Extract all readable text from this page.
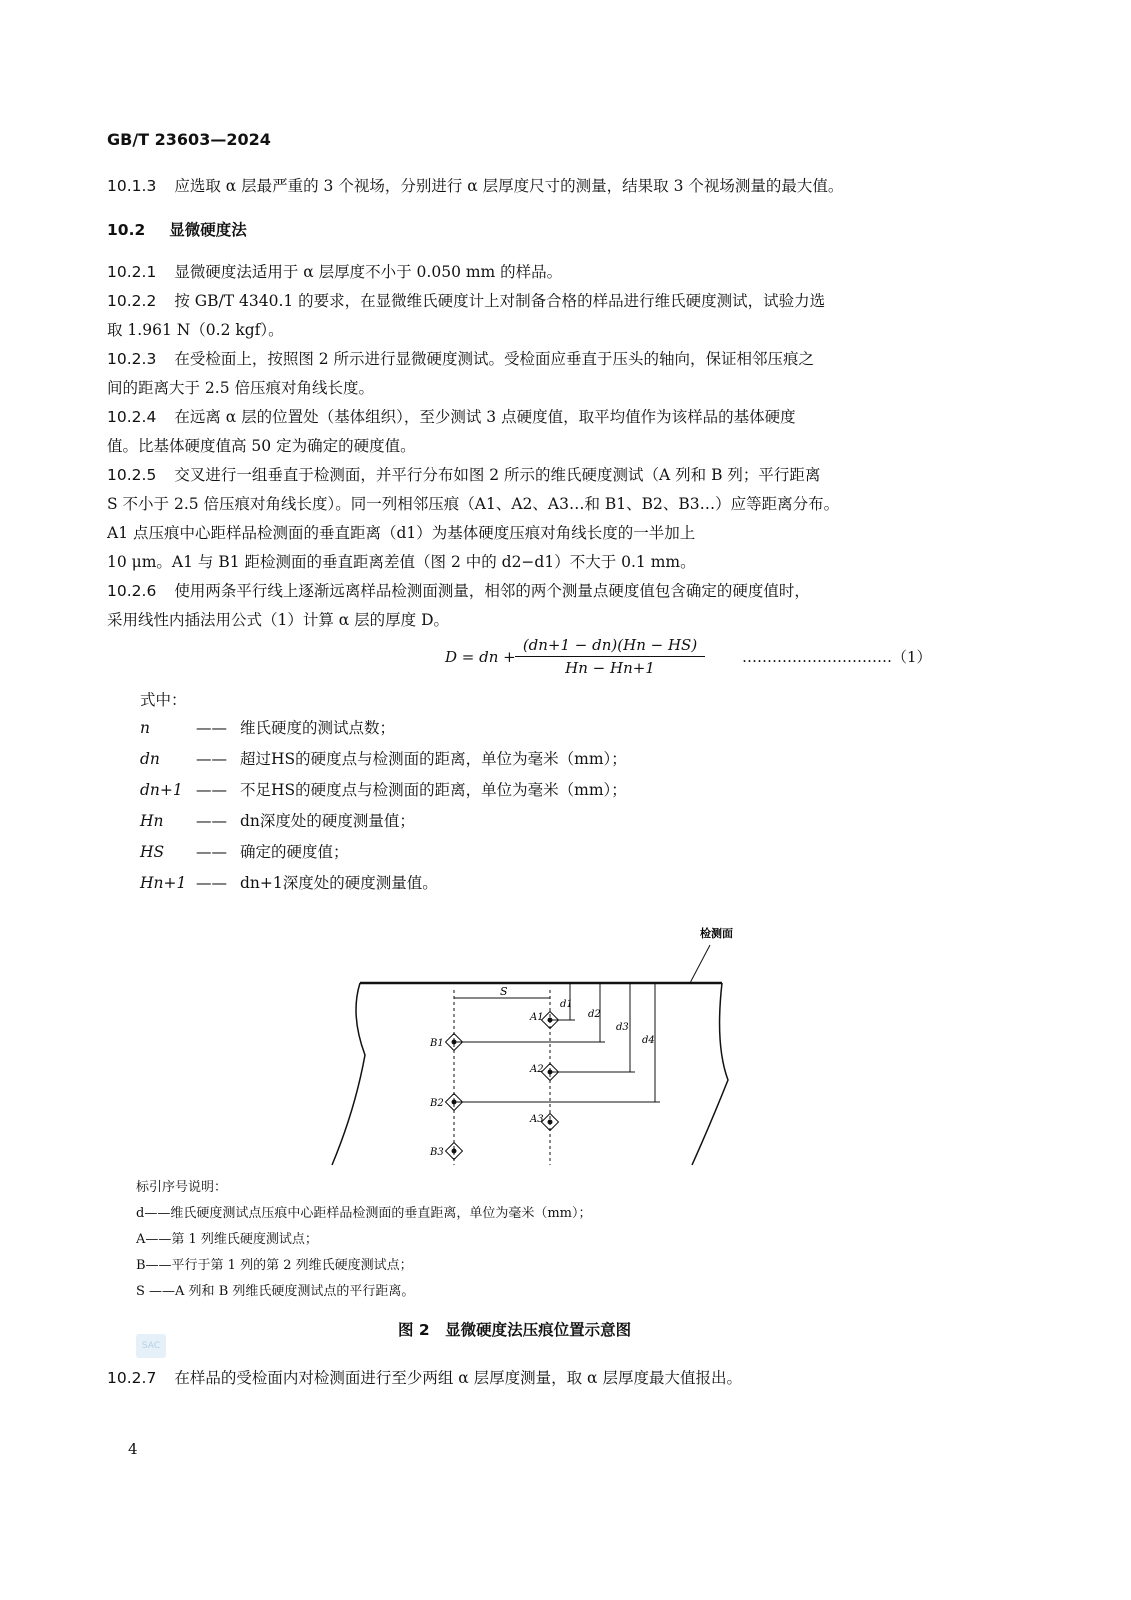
GB/T 23603—2024
10.1.3 应选取 α 层最严重的 3 个视场，分别进行 α 层厚度尺寸的测量，结果取 3 个视场测量的最大值。
10.2 显微硬度法
10.2.1 显微硬度法适用于 α 层厚度不小于 0.050 mm 的样品。
10.2.2 按 GB/T 4340.1 的要求，在显微维氏硬度计上对制备合格的样品进行维氏硬度测试，试验力选
取 1.961 N（0.2 kgf）。
10.2.3 在受检面上，按照图 2 所示进行显微硬度测试。受检面应垂直于压头的轴向，保证相邻压痕之
间的距离大于 2.5 倍压痕对角线长度。
10.2.4 在远离 α 层的位置处（基体组织），至少测试 3 点硬度值，取平均值作为该样品的基体硬度
值。比基体硬度值高 50 定为确定的硬度值。
10.2.5 交叉进行一组垂直于检测面，并平行分布如图 2 所示的维氏硬度测试（A 列和 B 列；平行距离
S 不小于 2.5 倍压痕对角线长度）。同一列相邻压痕（A1、A2、A3…和 B1、B2、B3…）应等距离分布。
A1 点压痕中心距样品检测面的垂直距离（d1）为基体硬度压痕对角线长度的一半加上
10 μm。A1 与 B1 距检测面的垂直距离差值（图 2 中的 d2−d1）不大于 0.1 mm。
10.2.6 使用两条平行线上逐渐远离样品检测面测量，相邻的两个测量点硬度值包含确定的硬度值时，
采用线性内插法用公式（1）计算 α 层的厚度 D。
D = dn +
(dn+1 − dn)(Hn − HS)
Hn − Hn+1
…………………………（1）
式中：
n	—— 维氏硬度的测试点数；
dn —— 超过HS的硬度点与检测面的距离，单位为毫米（mm）；
dn+1 —— 不足HS的硬度点与检测面的距离，单位为毫米（mm）；
Hn —— dn深度处的硬度测量值；
HS —— 确定的硬度值；
Hn+1 —— dn+1深度处的硬度测量值。
检测面
S
d1
d2
d3
d4
A1
A2
A3
B1
B2
B3
标引序号说明：
d——维氏硬度测试点压痕中心距样品检测面的垂直距离，单位为毫米（mm）；
A——第 1 列维氏硬度测试点；
B——平行于第 1 列的第 2 列维氏硬度测试点；
S ——A 列和 B 列维氏硬度测试点的平行距离。
图 2　显微硬度法压痕位置示意图
SAC
10.2.7 在样品的受检面内对检测面进行至少两组 α 层厚度测量，取 α 层厚度最大值报出。
4
